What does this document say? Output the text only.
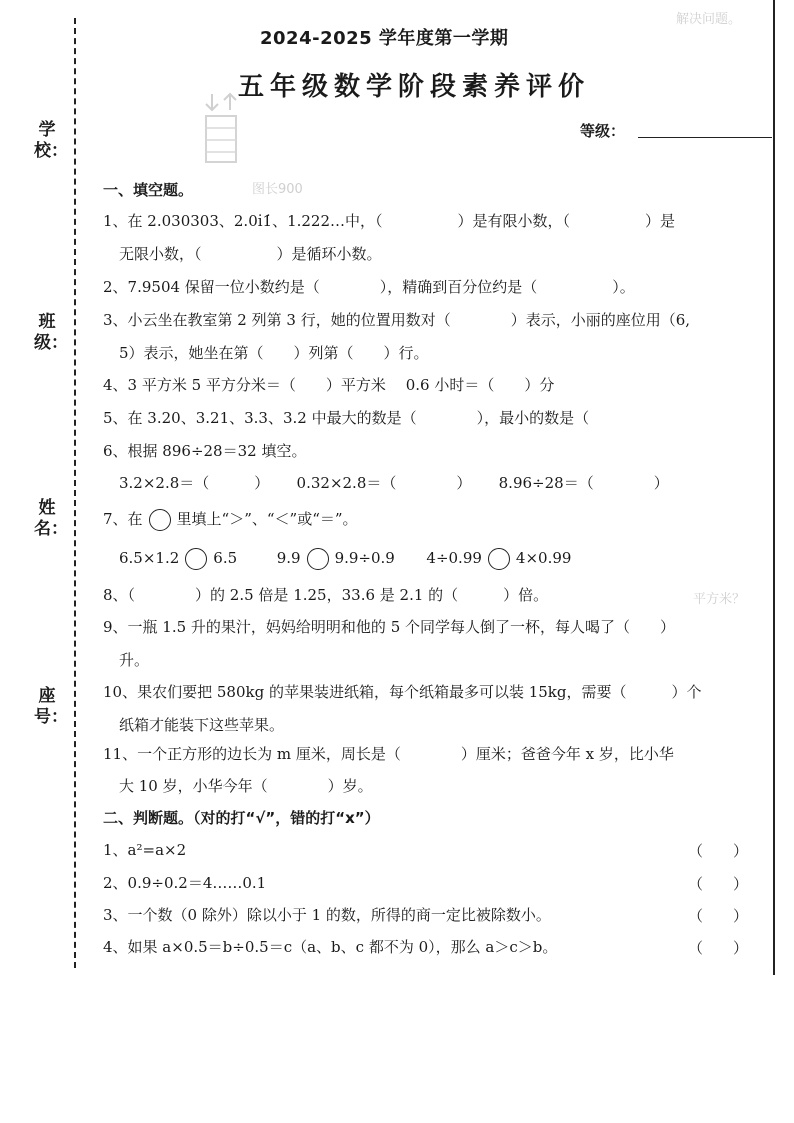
解决问题。
图长900
平方米？
学校：
班级：
姓名：
座号：
2024-2025 学年度第一学期
五年级数学阶段素养评价
等级：
一、填空题。
1、在 2.030303、2.0i̇1̇、1.222…中，（　　　　　）是有限小数，（　　　　　）是
无限小数，（　　　　　）是循环小数。
2、7.9504 保留一位小数约是（　　　　），精确到百分位约是（　　　　　）。
3、小云坐在教室第 2 列第 3 行，她的位置用数对（　　　　）表示，小丽的座位用（6,
5）表示，她坐在第（　　）列第（　　）行。
4、3 平方米 5 平方分米＝（　　）平方米　 0.6 小时＝（　　）分
5、在 3.20、3.21、3.3、3.2 中最大的数是（　　　　），最小的数是（
6、根据 896÷28＝32 填空。
3.2×2.8＝（　　　）　　 0.32×2.8＝（　　　　）　　 8.96÷28＝（　　　　）
7、在 里填上“＞”、“＜”或“＝”。
6.5×1.2 6.5	9.9 9.9÷0.9 4÷0.99 4×0.99
8、（　　　　）的 2.5 倍是 1.25，33.6 是 2.1 的（　　　）倍。
9、一瓶 1.5 升的果汁，妈妈给明明和他的 5 个同学每人倒了一杯，每人喝了（　　）
升。
10、果农们要把 580kg 的苹果装进纸箱，每个纸箱最多可以装 15kg，需要（　　　）个
纸箱才能装下这些苹果。
11、一个正方形的边长为 m 厘米，周长是（　　　　）厘米；爸爸今年 x 岁，比小华
大 10 岁，小华今年（　　　　）岁。
二、判断题。（对的打“√”，错的打“x”）
1、a²=a×2	（　　）
2、0.9÷0.2＝4……0.1	（　　）
3、一个数（0 除外）除以小于 1 的数，所得的商一定比被除数小。	（　　）
4、如果 a×0.5＝b÷0.5＝c（a、b、c 都不为 0），那么 a＞c＞b。	（　　）
